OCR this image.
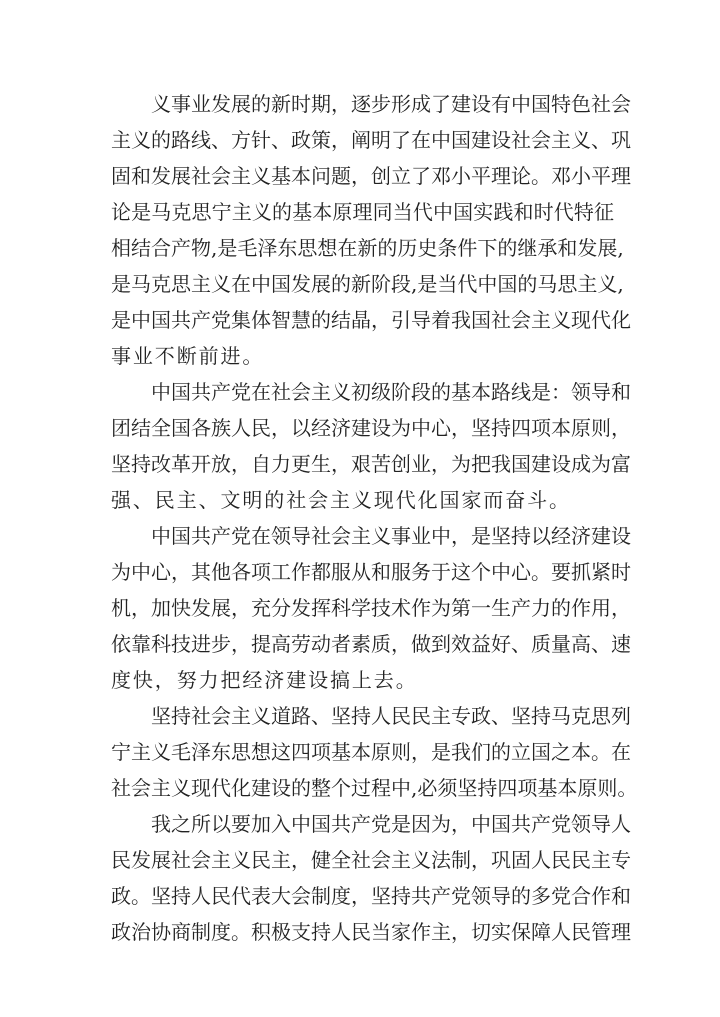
义事业发展的新时期，逐步形成了建设有中国特色社会
主义的路线、方针、政策，阐明了在中国建设社会主义、巩
固和发展社会主义基本问题，创立了邓小平理论。邓小平理
论是马克思宁主义的基本原理同当代中国实践和时代特征
相结合产物,是毛泽东思想在新的历史条件下的继承和发展,
是马克思主义在中国发展的新阶段,是当代中国的马思主义,
是中国共产党集体智慧的结晶，引导着我国社会主义现代化
事业不断前进。
中国共产党在社会主义初级阶段的基本路线是：领导和
团结全国各族人民，以经济建设为中心，坚持四项本原则，
坚持改革开放，自力更生，艰苦创业，为把我国建设成为富
强、民主、文明的社会主义现代化国家而奋斗。
中国共产党在领导社会主义事业中，是坚持以经济建设
为中心，其他各项工作都服从和服务于这个中心。要抓紧时
机，加快发展，充分发挥科学技术作为第一生产力的作用，
依靠科技进步，提高劳动者素质，做到效益好、质量高、速
度快，努力把经济建设搞上去。
坚持社会主义道路、坚持人民民主专政、坚持马克思列
宁主义毛泽东思想这四项基本原则，是我们的立国之本。在
社会主义现代化建设的整个过程中,必须坚持四项基本原则。
我之所以要加入中国共产党是因为，中国共产党领导人
民发展社会主义民主，健全社会主义法制，巩固人民民主专
政。坚持人民代表大会制度，坚持共产党领导的多党合作和
政治协商制度。积极支持人民当家作主，切实保障人民管理
